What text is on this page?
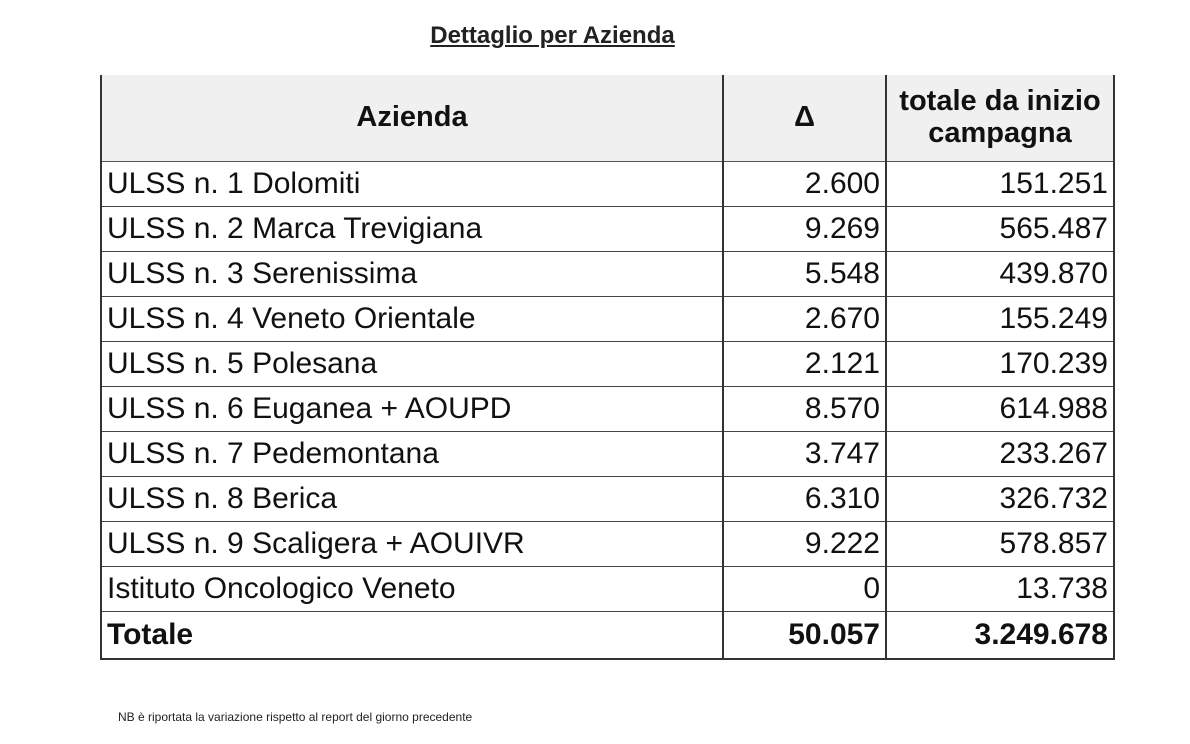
Dettaglio per Azienda
Azienda	Δ	totale da inizio
campagna

ULSS n. 1 Dolomiti	2.600	151.251
ULSS n. 2 Marca Trevigiana	9.269	565.487
ULSS n. 3 Serenissima	5.548	439.870
ULSS n. 4 Veneto Orientale	2.670	155.249
ULSS n. 5 Polesana	2.121	170.239
ULSS n. 6 Euganea + AOUPD	8.570	614.988
ULSS n. 7 Pedemontana	3.747	233.267
ULSS n. 8 Berica	6.310	326.732
ULSS n. 9 Scaligera + AOUIVR	9.222	578.857
Istituto Oncologico Veneto	0	13.738
Totale	50.057	3.249.678
NB è riportata la variazione rispetto al report del giorno precedente
